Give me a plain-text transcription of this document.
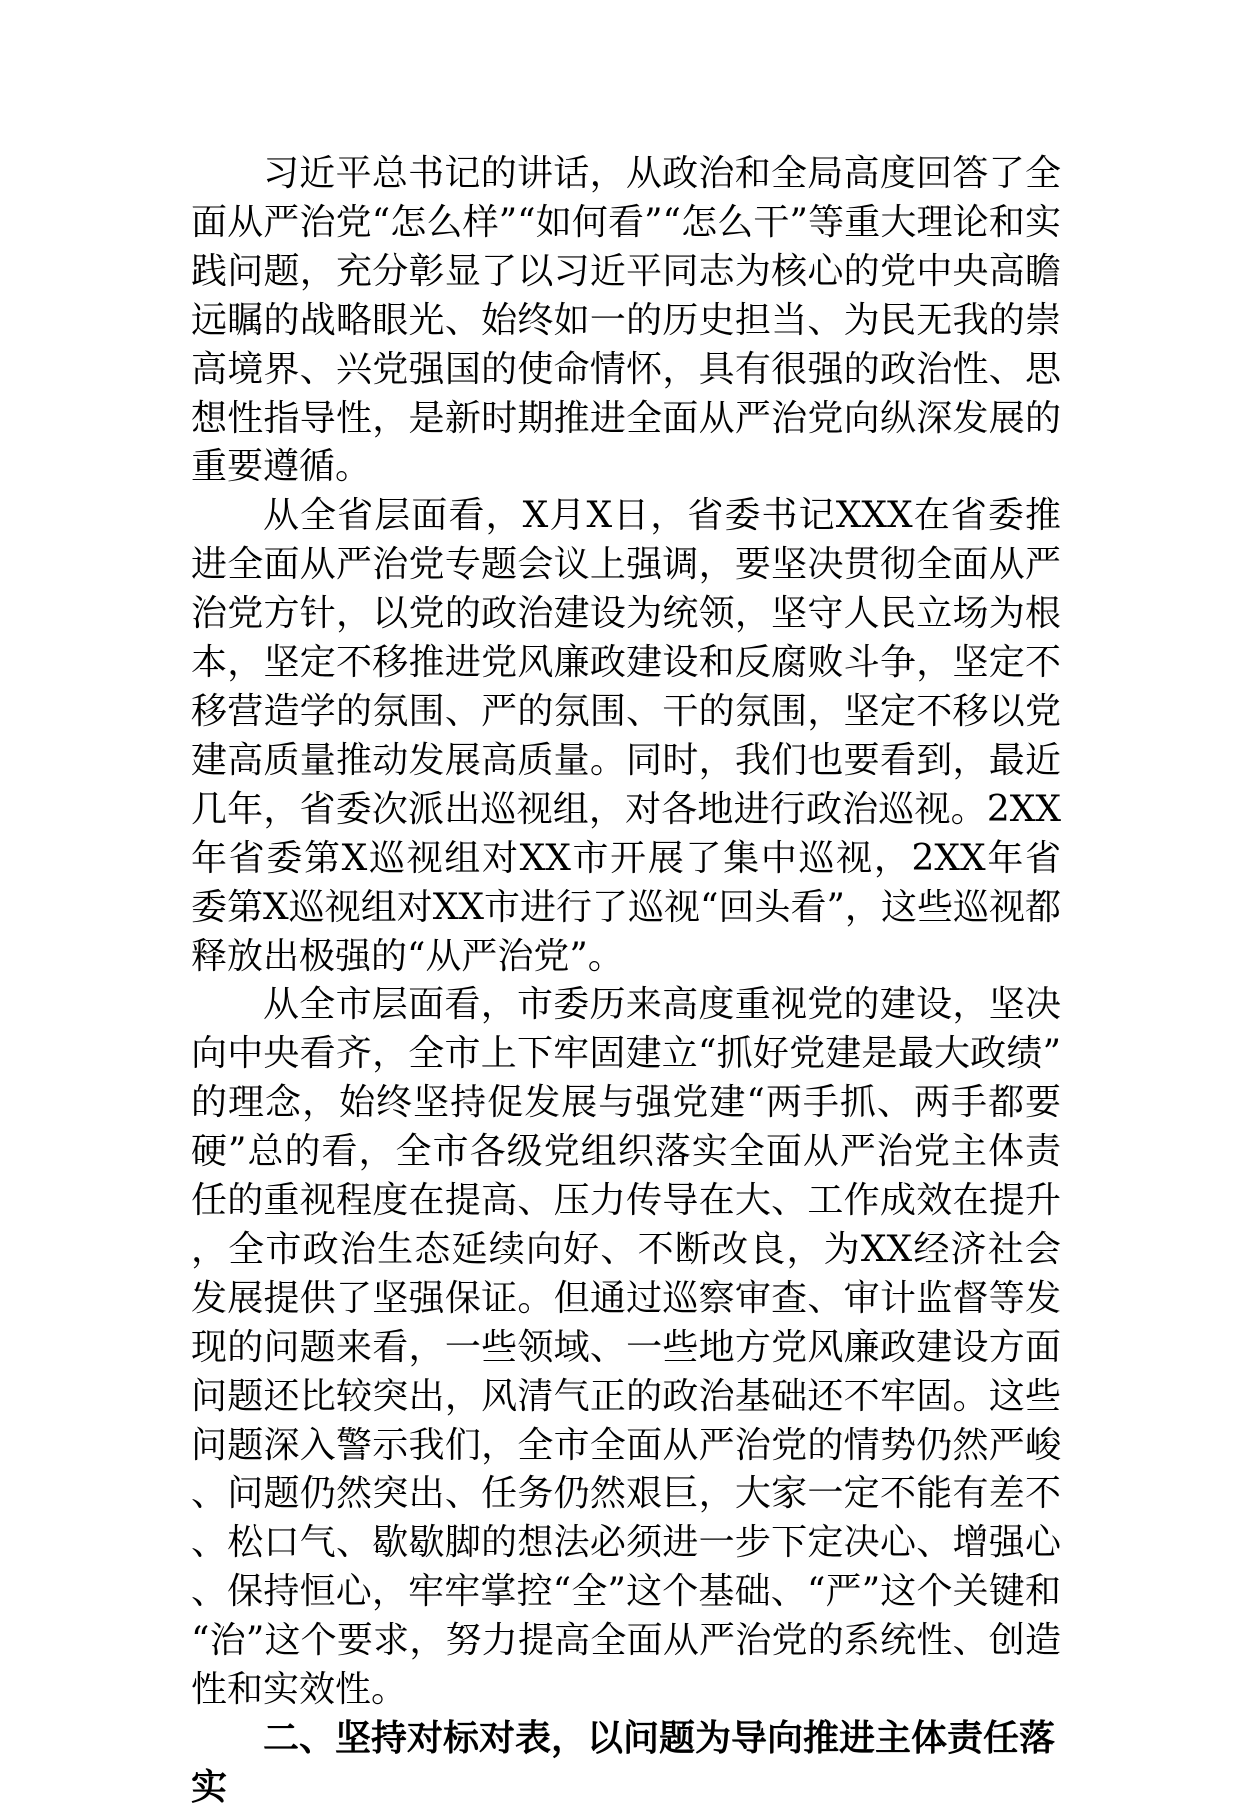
习近平总书记的讲话，从政治和全局高度回答了全面从严治党“怎么样”“如何看”“怎么干”等重大理论和实践问题，充分彰显了以习近平同志为核心的党中央高瞻远瞩的战略眼光、始终如一的历史担当、为民无我的崇高境界、兴党强国的使命情怀，具有很强的政治性、思想性指导性，是新时期推进全面从严治党向纵深发展的重要遵循。

从全省层面看，X月X日，省委书记XXX在省委推进全面从严治党专题会议上强调，要坚决贯彻全面从严治党方针，以党的政治建设为统领，坚守人民立场为根本，坚定不移推进党风廉政建设和反腐败斗争，坚定不移营造学的氛围、严的氛围、干的氛围，坚定不移以党建高质量推动发展高质量。同时，我们也要看到，最近几年，省委次派出巡视组，对各地进行政治巡视。2XX年省委第X巡视组对XX市开展了集中巡视，2XX年省委第X巡视组对XX市进行了巡视“回头看”，这些巡视都释放出极强的“从严治党”。

从全市层面看，市委历来高度重视党的建设，坚决向中央看齐，全市上下牢固建立“抓好党建是最大政绩”的理念，始终坚持促发展与强党建“两手抓、两手都要硬”总的看，全市各级党组织落实全面从严治党主体责任的重视程度在提高、压力传导在大、工作成效在提升，全市政治生态延续向好、不断改良，为XX经济社会发展提供了坚强保证。但通过巡察审查、审计监督等发现的问题来看，一些领域、一些地方党风廉政建设方面问题还比较突出，风清气正的政治基础还不牢固。这些问题深入警示我们，全市全面从严治党的情势仍然严峻、问题仍然突出、任务仍然艰巨，大家一定不能有差不、松口气、歇歇脚的想法必须进一步下定决心、增强心、保持恒心，牢牢掌控“全”这个基础、“严”这个关键和“治”这个要求，努力提高全面从严治党的系统性、创造性和实效性。

二、坚持对标对表，以问题为导向推进主体责任落实
